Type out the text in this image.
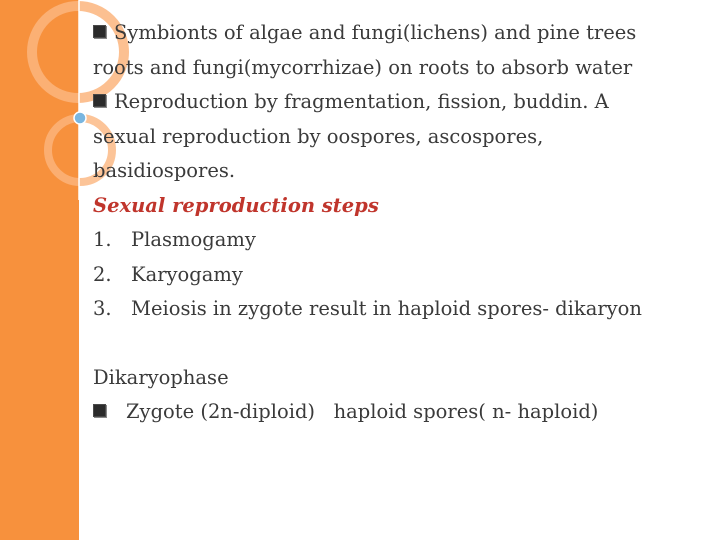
Symbionts of algae and fungi(lichens) and pine trees
roots and fungi(mycorrhizae) on roots to absorb water
Reproduction by fragmentation, fission, buddin. A
sexual reproduction by oospores, ascospores,
basidiospores.
Sexual reproduction steps
1. Plasmogamy
2. Karyogamy
3. Meiosis in zygote result in haploid spores- dikaryon
Dikaryophase
Zygote (2n-diploid)   haploid spores( n- haploid)
